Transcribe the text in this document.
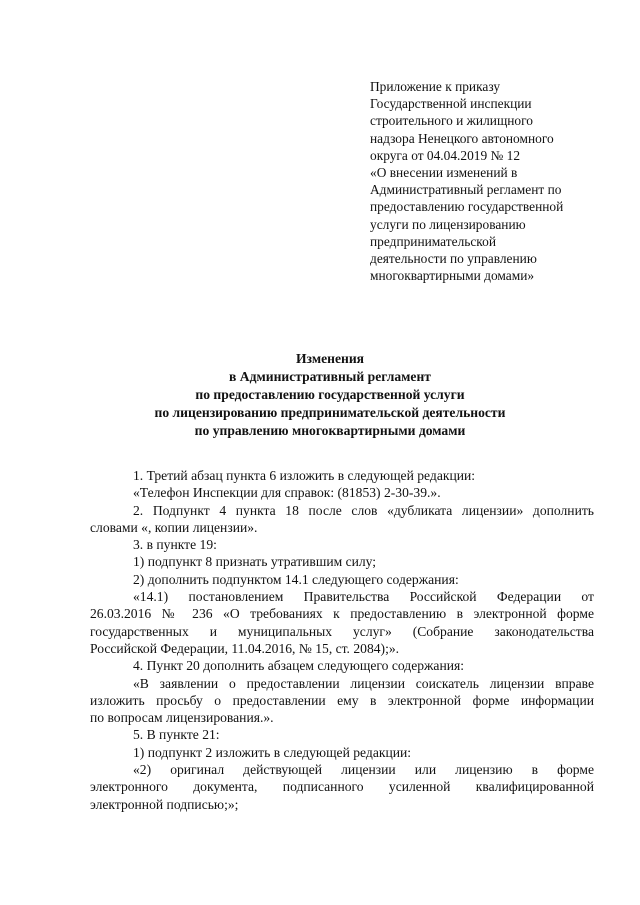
Приложение к приказу
Государственной инспекции
строительного и жилищного
надзора Ненецкого автономного
округа от 04.04.2019 № 12
«О внесении изменений в
Административный регламент по
предоставлению государственной
услуги по лицензированию
предпринимательской
деятельности по управлению
многоквартирными домами»
Изменения
в Административный регламент
по предоставлению государственной услуги
по лицензированию предпринимательской деятельности
по управлению многоквартирными домами
1. Третий абзац пункта 6 изложить в следующей редакции:
«Телефон Инспекции для справок: (81853) 2-30-39.».
2. Подпункт 4 пункта 18 после слов «дубликата лицензии» дополнить
словами «, копии лицензии».
3. в пункте 19:
1) подпункт 8 признать утратившим силу;
2) дополнить подпунктом 14.1 следующего содержания:
«14.1) постановлением Правительства Российской Федерации от
26.03.2016 № 236 «О требованиях к предоставлению в электронной форме
государственных и муниципальных услуг» (Собрание законодательства
Российской Федерации, 11.04.2016, № 15, ст. 2084);».
4. Пункт 20 дополнить абзацем следующего содержания:
«В заявлении о предоставлении лицензии соискатель лицензии вправе
изложить просьбу о предоставлении ему в электронной форме информации
по вопросам лицензирования.».
5. В пункте 21:
1) подпункт 2 изложить в следующей редакции:
«2) оригинал действующей лицензии или лицензию в форме
электронного документа, подписанного усиленной квалифицированной
электронной подписью;»;
